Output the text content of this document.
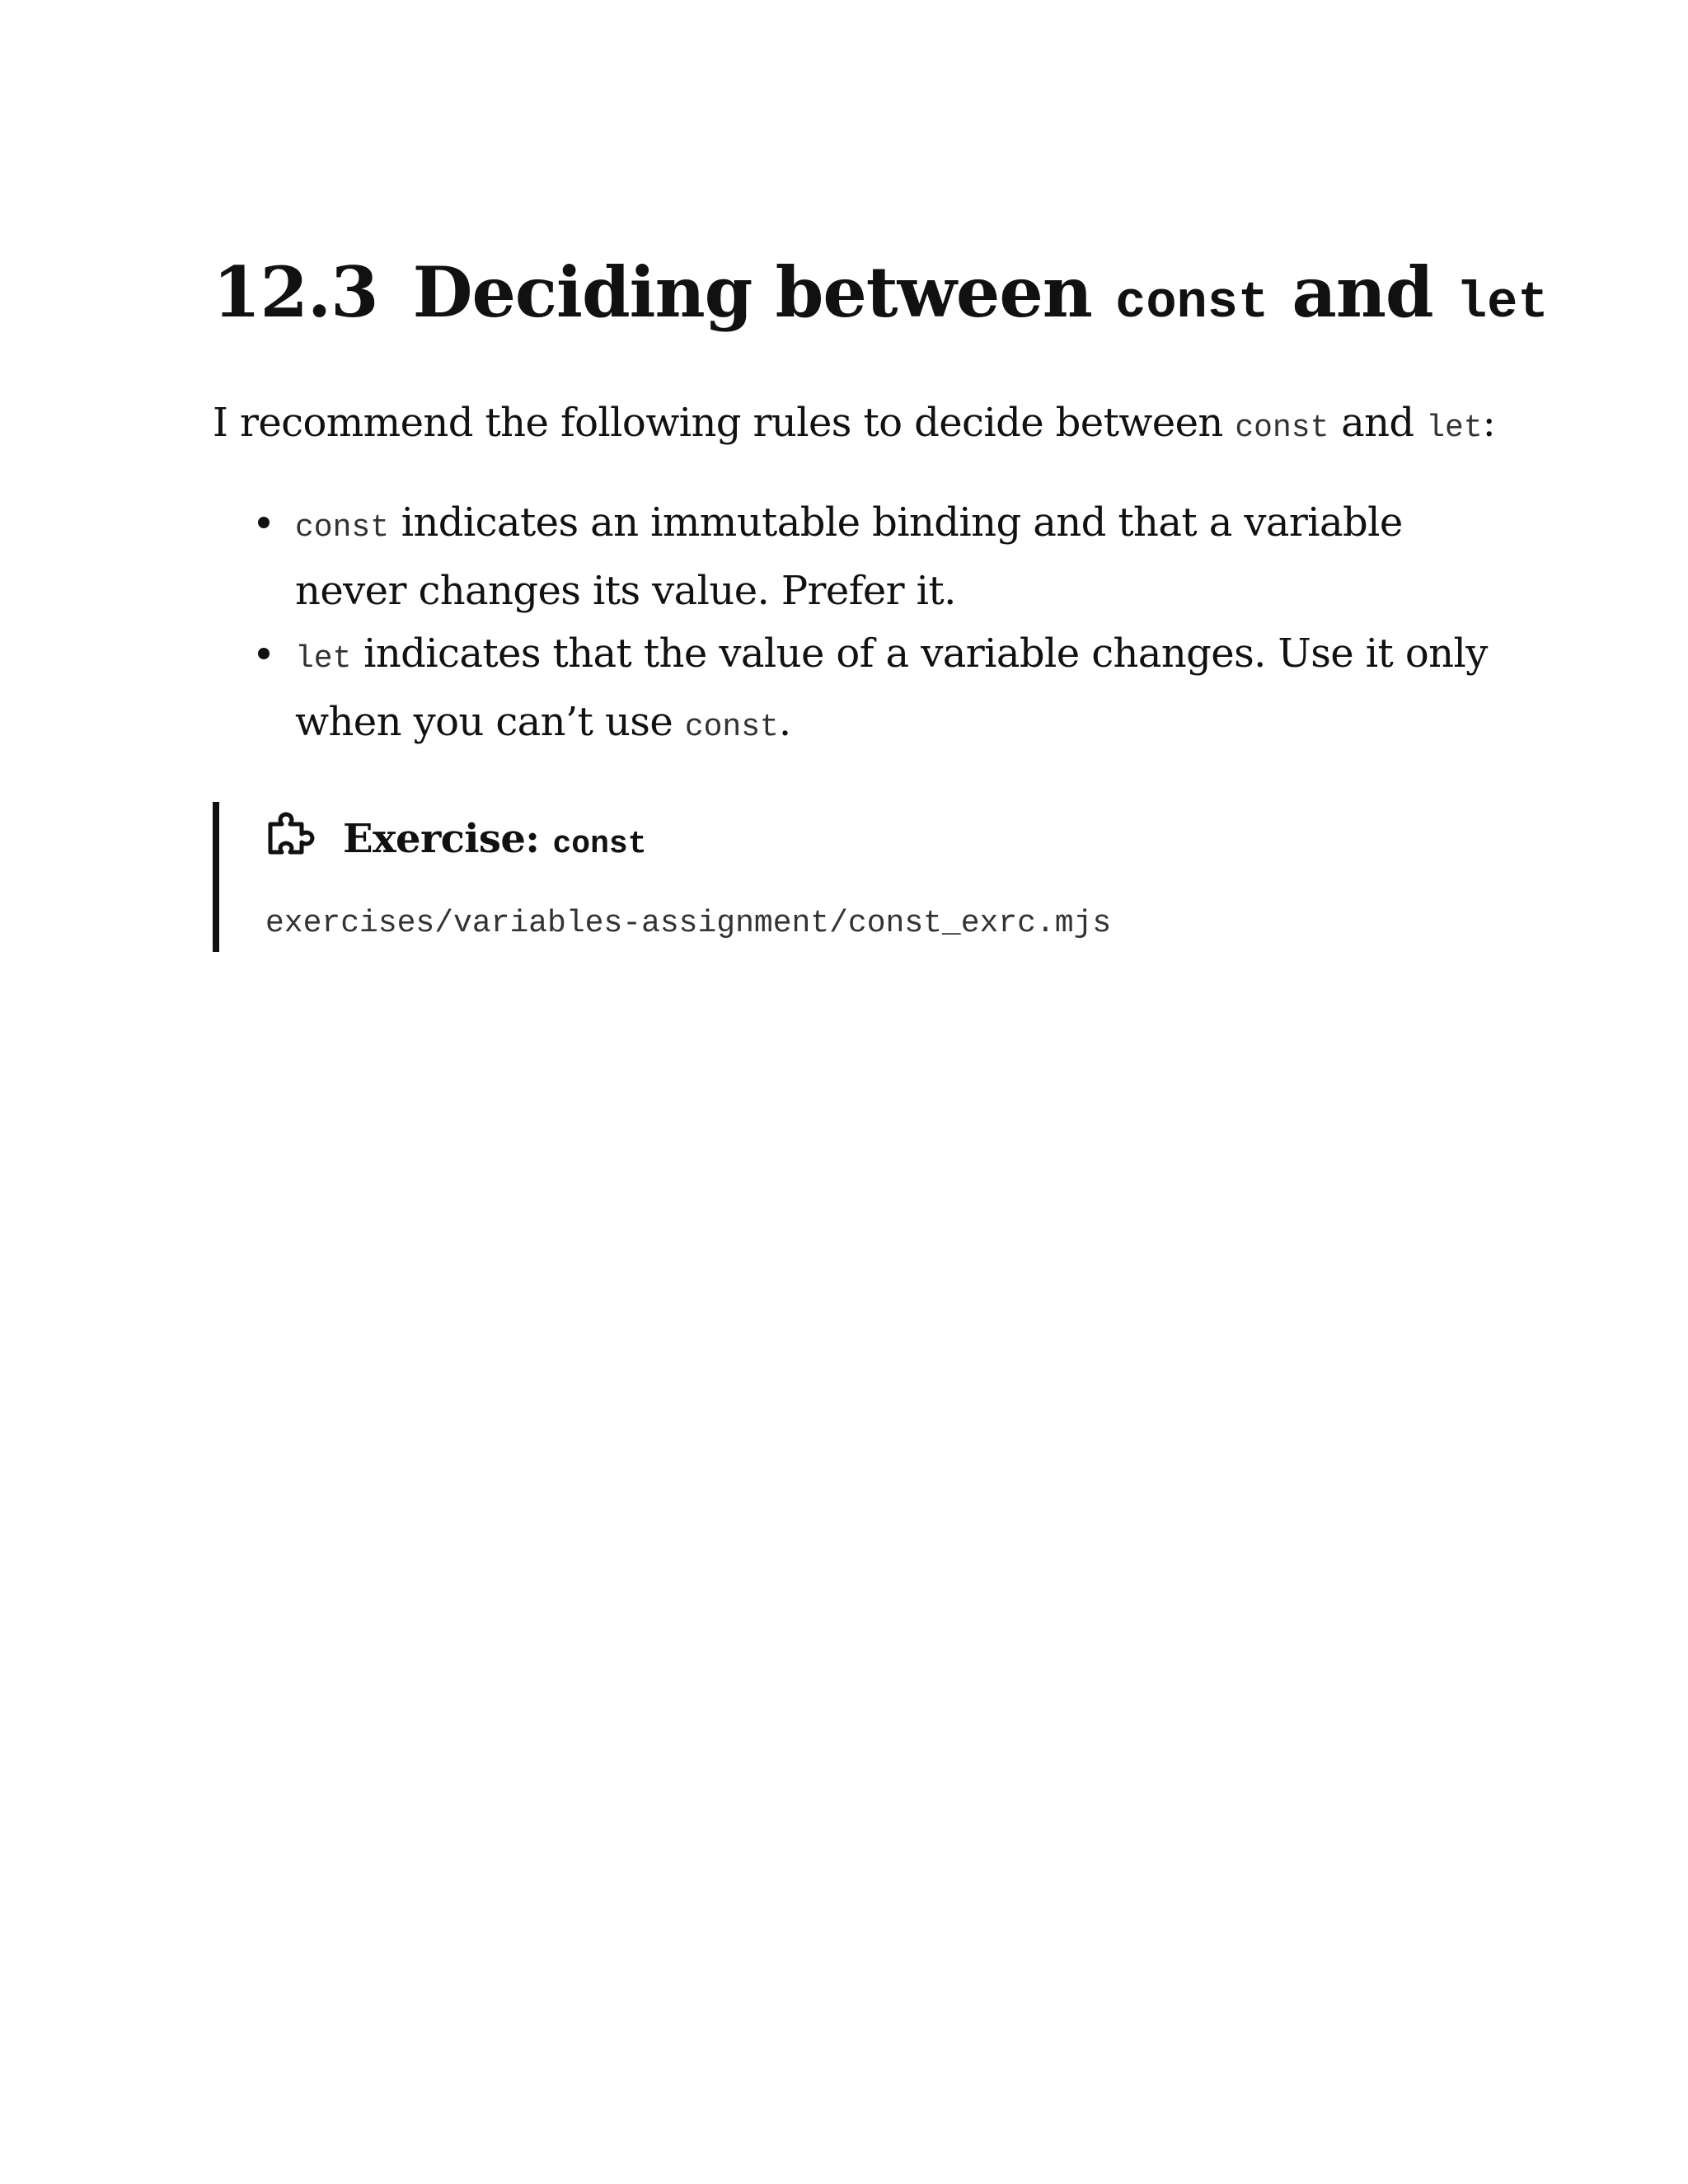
12.3 Deciding between const and let

I recommend the following rules to decide between const and let:

const indicates an immutable binding and that a variable never changes its value. Prefer it.
let indicates that the value of a variable changes. Use it only when you can’t use const.
Exercise: const
exercises/variables-assignment/const_exrc.mjs
